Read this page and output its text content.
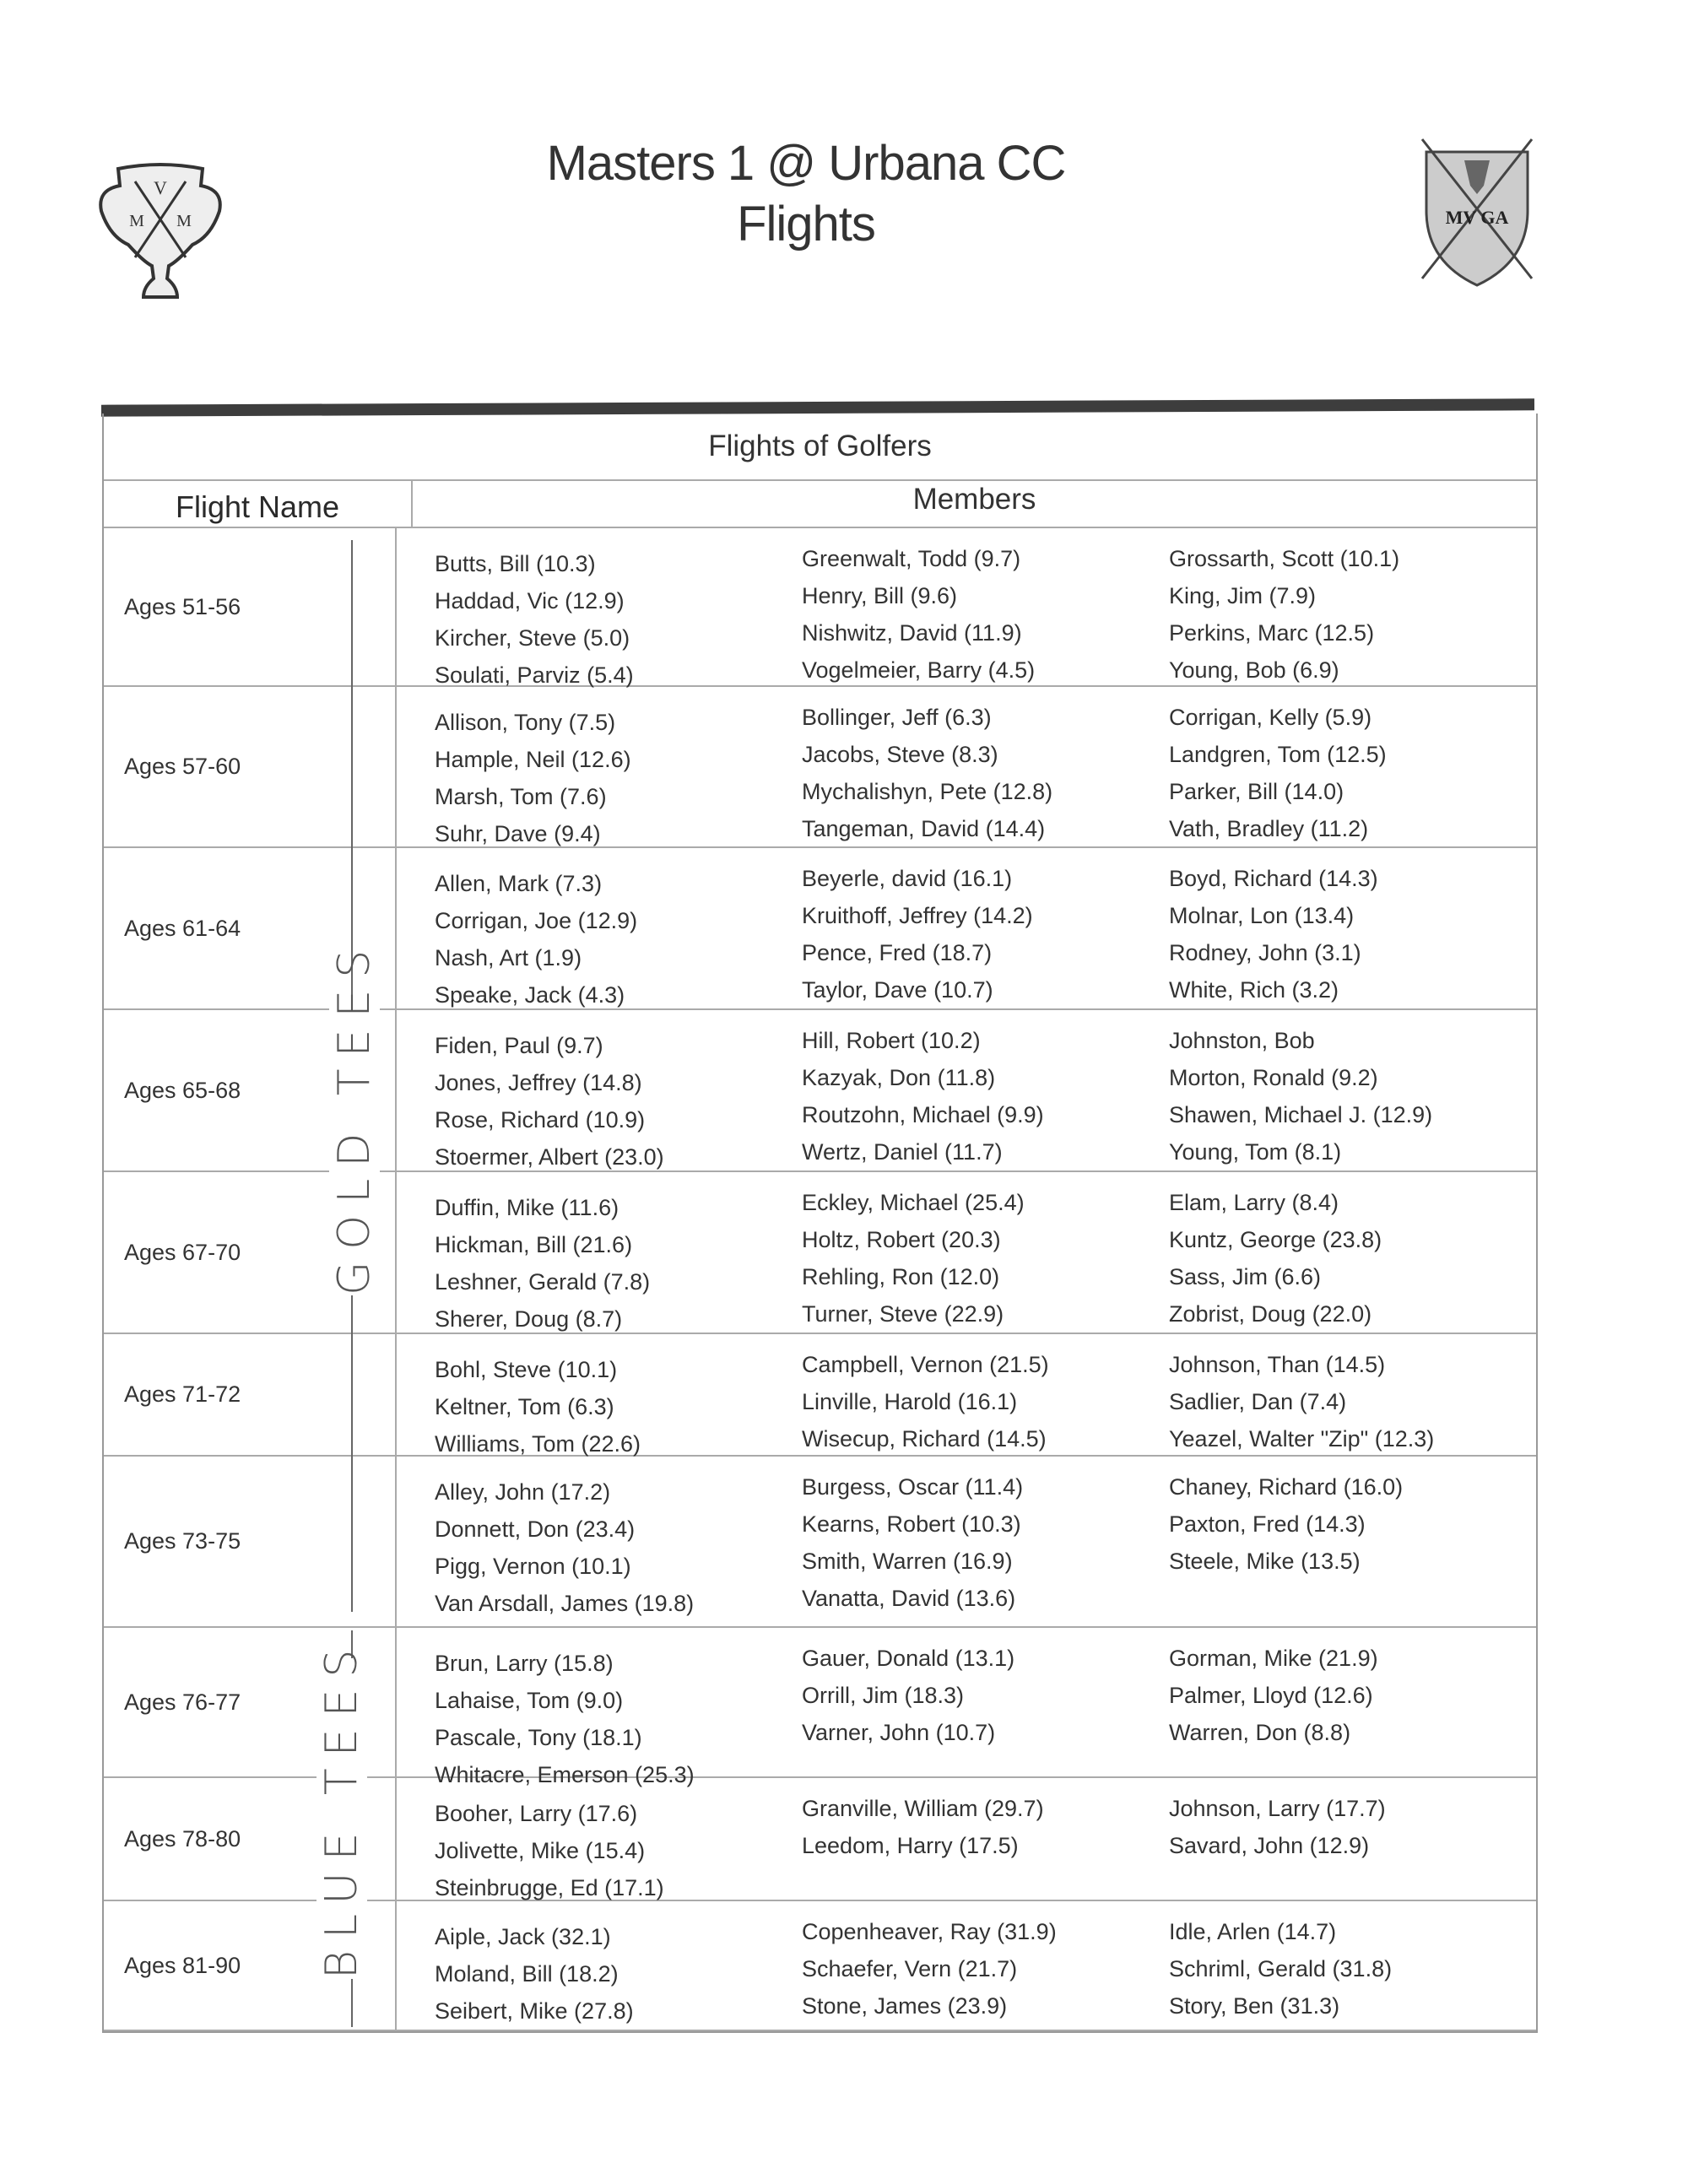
Masters 1 @ Urbana CC
Flights
V
M M	MV GA
Flights of Golfers
Flight Name	Members
Ages 51-56
Butts, Bill (10.3)
Haddad, Vic (12.9)
Kircher, Steve (5.0)
Soulati, Parviz (5.4)
Greenwalt, Todd (9.7)
Henry, Bill (9.6)
Nishwitz, David (11.9)
Vogelmeier, Barry (4.5)
Grossarth, Scott (10.1)
King, Jim (7.9)
Perkins, Marc (12.5)
Young, Bob (6.9)
Ages 57-60
Allison, Tony (7.5)
Hample, Neil (12.6)
Marsh, Tom (7.6)
Suhr, Dave (9.4)
Bollinger, Jeff (6.3)
Jacobs, Steve (8.3)
Mychalishyn, Pete (12.8)
Tangeman, David (14.4)
Corrigan, Kelly (5.9)
Landgren, Tom (12.5)
Parker, Bill (14.0)
Vath, Bradley (11.2)
Ages 61-64
Allen, Mark (7.3)
Corrigan, Joe (12.9)
Nash, Art (1.9)
Speake, Jack (4.3)
Beyerle, david (16.1)
Kruithoff, Jeffrey (14.2)
Pence, Fred (18.7)
Taylor, Dave (10.7)
Boyd, Richard (14.3)
Molnar, Lon (13.4)
Rodney, John (3.1)
White, Rich (3.2)
Ages 65-68
Fiden, Paul (9.7)
Jones, Jeffrey (14.8)
Rose, Richard (10.9)
Stoermer, Albert (23.0)
Hill, Robert (10.2)
Kazyak, Don (11.8)
Routzohn, Michael (9.9)
Wertz, Daniel (11.7)
Johnston, Bob
Morton, Ronald (9.2)
Shawen, Michael J. (12.9)
Young, Tom (8.1)
Ages 67-70
Duffin, Mike (11.6)
Hickman, Bill (21.6)
Leshner, Gerald (7.8)
Sherer, Doug (8.7)
Eckley, Michael (25.4)
Holtz, Robert (20.3)
Rehling, Ron (12.0)
Turner, Steve (22.9)
Elam, Larry (8.4)
Kuntz, George (23.8)
Sass, Jim (6.6)
Zobrist, Doug (22.0)
Ages 71-72
Bohl, Steve (10.1)
Keltner, Tom (6.3)
Williams, Tom (22.6)
Campbell, Vernon (21.5)
Linville, Harold (16.1)
Wisecup, Richard (14.5)
Johnson, Than (14.5)
Sadlier, Dan (7.4)
Yeazel, Walter "Zip" (12.3)
Ages 73-75
Alley, John (17.2)
Donnett, Don (23.4)
Pigg, Vernon (10.1)
Van Arsdall, James (19.8)
Burgess, Oscar (11.4)
Kearns, Robert (10.3)
Smith, Warren (16.9)
Vanatta, David (13.6)
Chaney, Richard (16.0)
Paxton, Fred (14.3)
Steele, Mike (13.5)
Ages 76-77
Brun, Larry (15.8)
Lahaise, Tom (9.0)
Pascale, Tony (18.1)
Whitacre, Emerson (25.3)
Gauer, Donald (13.1)
Orrill, Jim (18.3)
Varner, John (10.7)
Gorman, Mike (21.9)
Palmer, Lloyd (12.6)
Warren, Don (8.8)
Ages 78-80
Booher, Larry (17.6)
Jolivette, Mike (15.4)
Steinbrugge, Ed (17.1)
Granville, William (29.7)
Leedom, Harry (17.5)
Johnson, Larry (17.7)
Savard, John (12.9)
Ages 81-90
Aiple, Jack (32.1)
Moland, Bill (18.2)
Seibert, Mike (27.8)
Copenheaver, Ray (31.9)
Schaefer, Vern (21.7)
Stone, James (23.9)
Idle, Arlen (14.7)
Schriml, Gerald (31.8)
Story, Ben (31.3)
GOLD TEES
BLUE TEES
